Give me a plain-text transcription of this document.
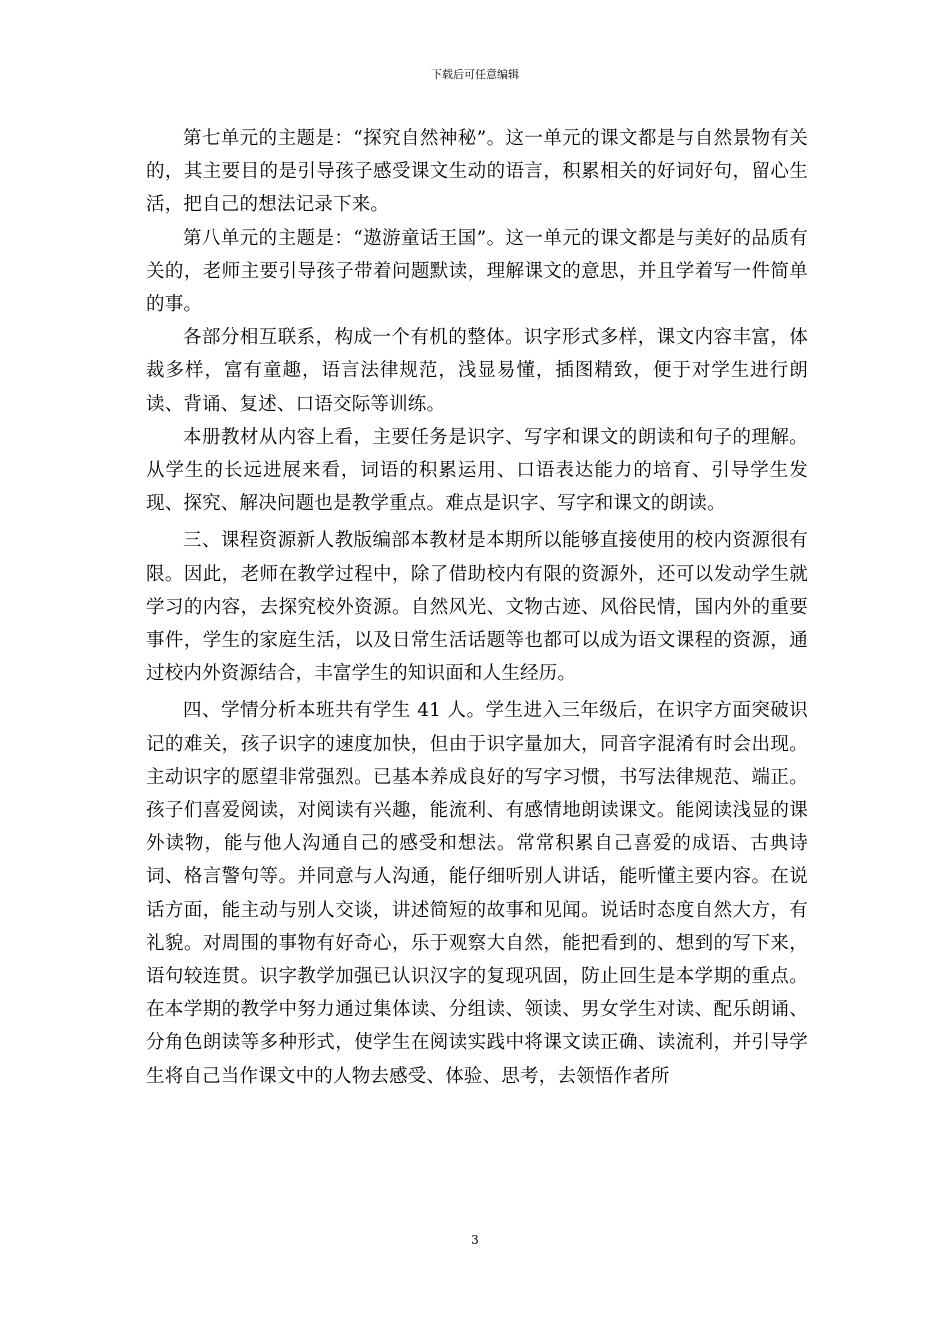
下载后可任意编辑

第七单元的主题是：“探究自然神秘”。这一单元的课文都是与自然景物有关的，其主要目的是引导孩子感受课文生动的语言，积累相关的好词好句，留心生活，把自己的想法记录下来。

第八单元的主题是：“遨游童话王国”。这一单元的课文都是与美好的品质有关的，老师主要引导孩子带着问题默读，理解课文的意思，并且学着写一件简单的事。

各部分相互联系，构成一个有机的整体。识字形式多样，课文内容丰富，体裁多样，富有童趣，语言法律规范，浅显易懂，插图精致，便于对学生进行朗读、背诵、复述、口语交际等训练。

本册教材从内容上看，主要任务是识字、写字和课文的朗读和句子的理解。从学生的长远进展来看，词语的积累运用、口语表达能力的培育、引导学生发现、探究、解决问题也是教学重点。难点是识字、写字和课文的朗读。

三、课程资源新人教版编部本教材是本期所以能够直接使用的校内资源很有限。因此，老师在教学过程中，除了借助校内有限的资源外，还可以发动学生就学习的内容，去探究校外资源。自然风光、文物古迹、风俗民情，国内外的重要事件，学生的家庭生活，以及日常生活话题等也都可以成为语文课程的资源，通过校内外资源结合，丰富学生的知识面和人生经历。

四、学情分析本班共有学生 41 人。学生进入三年级后，在识字方面突破识记的难关，孩子识字的速度加快，但由于识字量加大，同音字混淆有时会出现。主动识字的愿望非常强烈。已基本养成良好的写字习惯，书写法律规范、端正。孩子们喜爱阅读，对阅读有兴趣，能流利、有感情地朗读课文。能阅读浅显的课外读物，能与他人沟通自己的感受和想法。常常积累自己喜爱的成语、古典诗词、格言警句等。并同意与人沟通，能仔细听别人讲话，能听懂主要内容。在说话方面，能主动与别人交谈，讲述简短的故事和见闻。说话时态度自然大方，有礼貌。对周围的事物有好奇心，乐于观察大自然，能把看到的、想到的写下来，语句较连贯。识字教学加强已认识汉字的复现巩固，防止回生是本学期的重点。在本学期的教学中努力通过集体读、分组读、领读、男女学生对读、配乐朗诵、分角色朗读等多种形式，使学生在阅读实践中将课文读正确、读流利，并引导学生将自己当作课文中的人物去感受、体验、思考，去领悟作者所

3
